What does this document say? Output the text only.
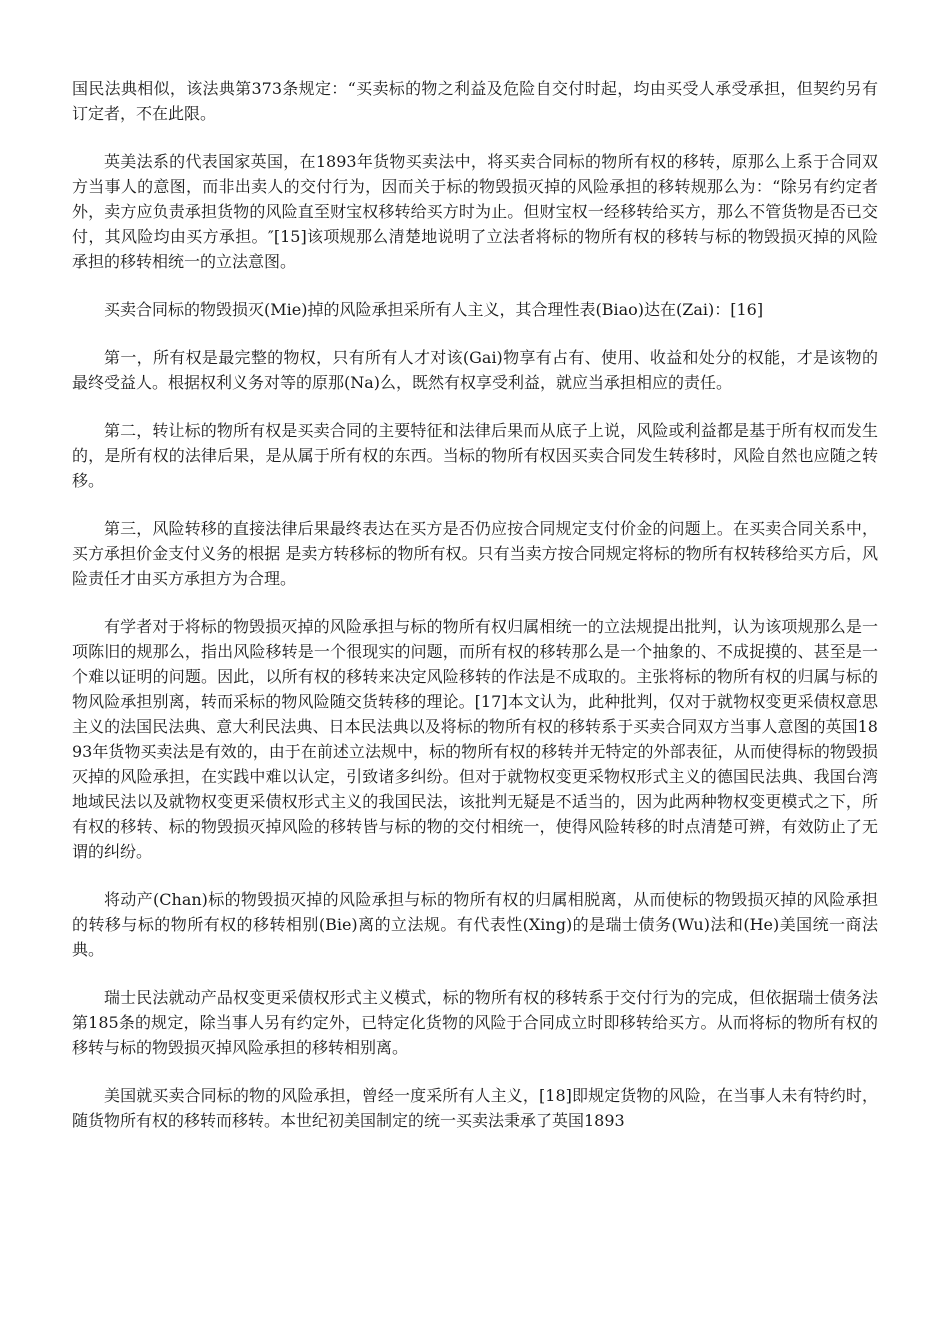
国民法典相似，该法典第373条规定：“买卖标的物之利益及危险自交付时起，均由买受人承受承担，但契约另有订定者，不在此限。

英美法系的代表国家英国，在1893年货物买卖法中，将买卖合同标的物所有权的移转，原那么上系于合同双方当事人的意图，而非出卖人的交付行为，因而关于标的物毁损灭掉的风险承担的移转规那么为：“除另有约定者外，卖方应负责承担货物的风险直至财宝权移转给买方时为止。但财宝权一经移转给买方，那么不管货物是否已交付，其风险均由买方承担。″[15]该项规那么清楚地说明了立法者将标的物所有权的移转与标的物毁损灭掉的风险承担的移转相统一的立法意图。

买卖合同标的物毁损灭(Mie)掉的风险承担采所有人主义，其合理性表(Biao)达在(Zai)：[16]

第一，所有权是最完整的物权，只有所有人才对该(Gai)物享有占有、使用、收益和处分的权能，才是该物的最终受益人。根据权利义务对等的原那(Na)么，既然有权享受利益，就应当承担相应的责任。

第二，转让标的物所有权是买卖合同的主要特征和法律后果而从底子上说，风险或利益都是基于所有权而发生的，是所有权的法律后果，是从属于所有权的东西。当标的物所有权因买卖合同发生转移时，风险自然也应随之转移。

第三，风险转移的直接法律后果最终表达在买方是否仍应按合同规定支付价金的问题上。在买卖合同关系中，买方承担价金支付义务的根据 是卖方转移标的物所有权。只有当卖方按合同规定将标的物所有权转移给买方后，风险责任才由买方承担方为合理。

有学者对于将标的物毁损灭掉的风险承担与标的物所有权归属相统一的立法规提出批判，认为该项规那么是一项陈旧的规那么，指出风险移转是一个很现实的问题，而所有权的移转那么是一个抽象的、不成捉摸的、甚至是一个难以证明的问题。因此，以所有权的移转来决定风险移转的作法是不成取的。主张将标的物所有权的归属与标的物风险承担别离，转而采标的物风险随交货转移的理论。[17]本文认为，此种批判，仅对于就物权变更采债权意思主义的法国民法典、意大利民法典、日本民法典以及将标的物所有权的移转系于买卖合同双方当事人意图的英国1893年货物买卖法是有效的，由于在前述立法规中，标的物所有权的移转并无特定的外部表征，从而使得标的物毁损灭掉的风险承担，在实践中难以认定，引致诸多纠纷。但对于就物权变更采物权形式主义的德国民法典、我国台湾地域民法以及就物权变更采债权形式主义的我国民法，该批判无疑是不适当的，因为此两种物权变更模式之下，所有权的移转、标的物毁损灭掉风险的移转皆与标的物的交付相统一，使得风险转移的时点清楚可辨，有效防止了无谓的纠纷。

将动产(Chan)标的物毁损灭掉的风险承担与标的物所有权的归属相脱离，从而使标的物毁损灭掉的风险承担的转移与标的物所有权的移转相别(Bie)离的立法规。有代表性(Xing)的是瑞士债务(Wu)法和(He)美国统一商法典。

瑞士民法就动产品权变更采债权形式主义模式，标的物所有权的移转系于交付行为的完成，但依据瑞士债务法第185条的规定，除当事人另有约定外，已特定化货物的风险于合同成立时即移转给买方。从而将标的物所有权的移转与标的物毁损灭掉风险承担的移转相别离。

美国就买卖合同标的物的风险承担，曾经一度采所有人主义，[18]即规定货物的风险，在当事人未有特约时，随货物所有权的移转而移转。本世纪初美国制定的统一买卖法秉承了英国1893
